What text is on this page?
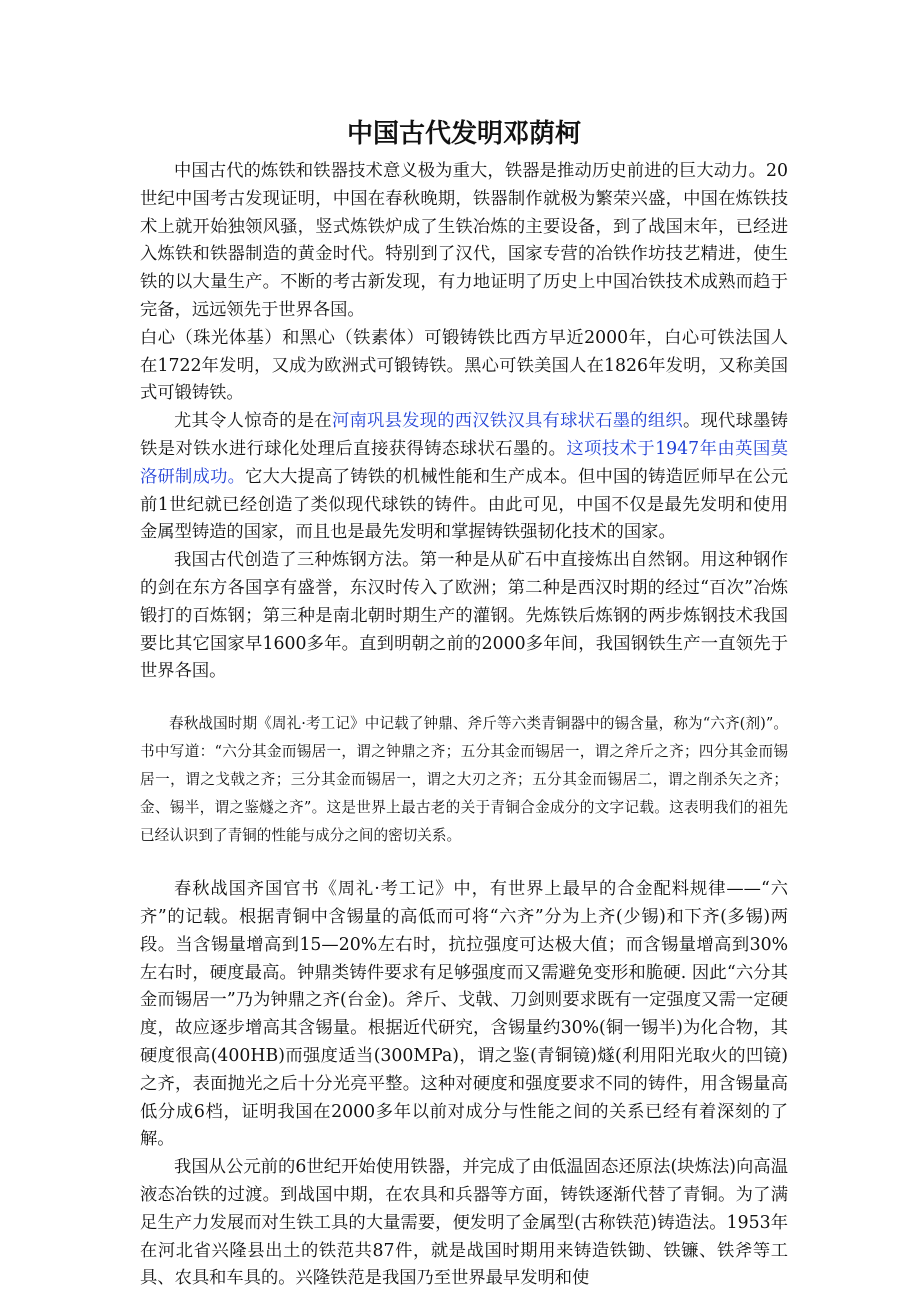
中国古代发明邓荫柯

中国古代的炼铁和铁器技术意义极为重大，铁器是推动历史前进的巨大动力。20世纪中国考古发现证明，中国在春秋晚期，铁器制作就极为繁荣兴盛，中国在炼铁技术上就开始独领风骚，竖式炼铁炉成了生铁冶炼的主要设备，到了战国末年，已经进入炼铁和铁器制造的黄金时代。特别到了汉代，国家专营的冶铁作坊技艺精进，使生铁的以大量生产。不断的考古新发现，有力地证明了历史上中国冶铁技术成熟而趋于完备，远远领先于世界各国。

白心（珠光体基）和黑心（铁素体）可锻铸铁比西方早近2000年，白心可铁法国人在1722年发明，又成为欧洲式可锻铸铁。黑心可铁美国人在1826年发明，又称美国式可锻铸铁。

尤其令人惊奇的是在河南巩县发现的西汉铁汉具有球状石墨的组织。现代球墨铸铁是对铁水进行球化处理后直接获得铸态球状石墨的。这项技术于1947年由英国莫洛研制成功。它大大提高了铸铁的机械性能和生产成本。但中国的铸造匠师早在公元前1世纪就已经创造了类似现代球铁的铸件。由此可见，中国不仅是最先发明和使用金属型铸造的国家，而且也是最先发明和掌握铸铁强韧化技术的国家。

我国古代创造了三种炼钢方法。第一种是从矿石中直接炼出自然钢。用这种钢作的剑在东方各国享有盛誉，东汉时传入了欧洲；第二种是西汉时期的经过“百次”冶炼锻打的百炼钢；第三种是南北朝时期生产的灌钢。先炼铁后炼钢的两步炼钢技术我国要比其它国家早1600多年。直到明朝之前的2000多年间，我国钢铁生产一直领先于世界各国。

春秋战国时期《周礼·考工记》中记载了钟鼎、斧斤等六类青铜器中的锡含量，称为“六齐(剂)”。 书中写道：“六分其金而锡居一，谓之钟鼎之齐；五分其金而锡居一，谓之斧斤之齐；四分其金而锡居一，谓之戈戟之齐；三分其金而锡居一，谓之大刃之齐；五分其金而锡居二，谓之削杀矢之齐；金、锡半，谓之鉴燧之齐”。这是世界上最古老的关于青铜合金成分的文字记载。这表明我们的祖先已经认识到了青铜的性能与成分之间的密切关系。

春秋战国齐国官书《周礼·考工记》中，有世界上最早的合金配料规律——“六齐”的记载。根据青铜中含锡量的高低而可将“六齐”分为上齐(少锡)和下齐(多锡)两段。当含锡量增高到15—20%左右时，抗拉强度可达极大值；而含锡量增高到30%左右时，硬度最高。钟鼎类铸件要求有足够强度而又需避免变形和脆硬. 因此“六分其金而锡居一”乃为钟鼎之齐(台金)。斧斤、戈戟、刀剑则要求既有一定强度又需一定硬度，故应逐步增高其含锡量。根据近代研究，含锡量约30%(铜一锡半)为化合物，其硬度很高(400HB)而强度适当(300MPa)，谓之鉴(青铜镜)燧(利用阳光取火的凹镜)之齐，表面抛光之后十分光亮平整。这种对硬度和强度要求不同的铸件，用含锡量高低分成6档，证明我国在2000多年以前对成分与性能之间的关系已经有着深刻的了解。

我国从公元前的6世纪开始使用铁器，并完成了由低温固态还原法(块炼法)向高温液态冶铁的过渡。到战国中期，在农具和兵器等方面，铸铁逐渐代替了青铜。为了满足生产力发展而对生铁工具的大量需要，便发明了金属型(古称铁范)铸造法。1953年在河北省兴隆县出土的铁范共87件，就是战国时期用来铸造铁锄、铁镰、铁斧等工具、农具和车具的。兴隆铁范是我国乃至世界最早发明和使
